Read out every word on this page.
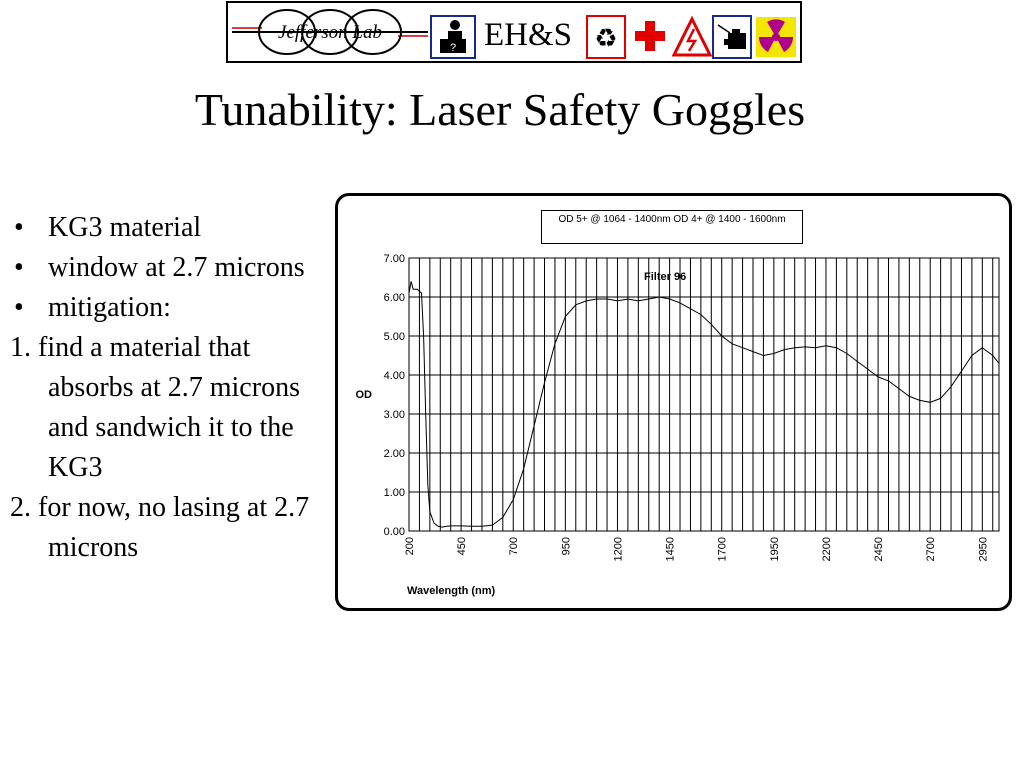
Jefferson Lab
? EH&S ♻
Tunability: Laser Safety Goggles
• KG3 material
• window at 2.7 microns
• mitigation:
1. find a material that absorbs at 2.7 microns and sandwich it to the KG3
2. for now, no lasing at 2.7 microns	0.00
1.00
2.00
3.00
4.00
5.00
6.00
7.00
200	450	700	950	1200	1450	1700	1950	2200	2450	2700	2950
OD
Wavelength (nm)
Filter 96
OD 5+ @ 1064 - 1400nm OD 4+ @ 1400 - 1600nm
